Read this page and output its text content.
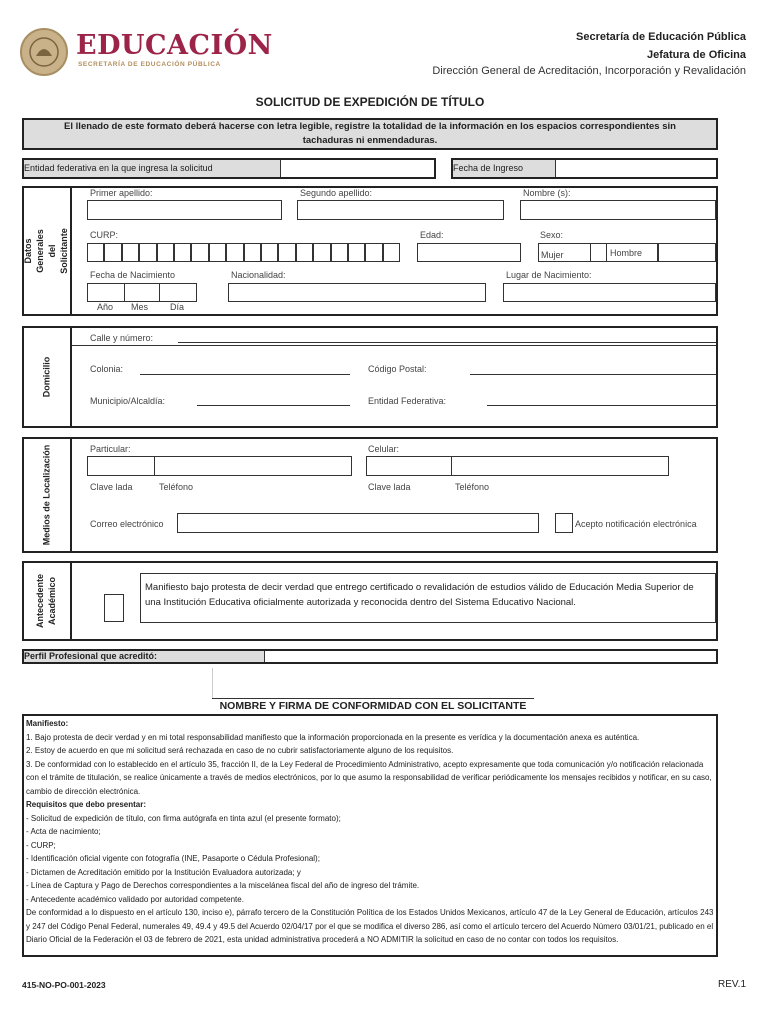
EDUCACIÓN
SECRETARÍA DE EDUCACIÓN PÚBLICA
Secretaría de Educación Pública
Jefatura de Oficina
Dirección General de Acreditación, Incorporación y Revalidación
SOLICITUD DE EXPEDICIÓN DE TÍTULO
El llenado de este formato deberá hacerse con letra legible, registre la totalidad de la información en los espacios correspondientes sin tachaduras ni enmendaduras.
Entidad federativa en la que ingresa la solicitud	Fecha de Ingreso
Datos Generales del Solicitante
Primer apellido:	Segundo apellido:	Nombre (s):
CURP:	Edad:	Sexo:
Mujer	Hombre
Fecha de Nacimiento
Año Mes Día
Nacionalidad:	Lugar de Nacimiento:
Domicilio
Calle y número:
Colonia:	Código Postal:
Municipio/Alcaldía:	Entidad Federativa:
Medios de Localización	Particular:	Celular:
Clave lada	Teléfono	Clave lada	Teléfono
Correo electrónico	Acepto notificación electrónica
Antecedente Académico	Manifiesto bajo protesta de decir verdad que entrego certificado o revalidación de estudios válido de Educación Media Superior de una Institución Educativa oficialmente autorizada y reconocida dentro del Sistema Educativo Nacional.
Perfil Profesional que acreditó:
NOMBRE Y FIRMA DE CONFORMIDAD CON EL SOLICITANTE
Manifiesto:
1. Bajo protesta de decir verdad y en mi total responsabilidad manifiesto que la información proporcionada en la presente es verídica y la documentación anexa es auténtica.
2. Estoy de acuerdo en que mi solicitud será rechazada en caso de no cubrir satisfactoriamente alguno de los requisitos.
3. De conformidad con lo establecido en el artículo 35, fracción II, de la Ley Federal de Procedimiento Administrativo, acepto expresamente que toda comunicación y/o notificación relacionada con el trámite de titulación, se realice únicamente a través de medios electrónicos, por lo que asumo la responsabilidad de verificar periódicamente los mensajes recibidos y notificar, en su caso, cambio de dirección electrónica.
Requisitos que debo presentar:
- Solicitud de expedición de título, con firma autógrafa en tinta azul (el presente formato);
- Acta de nacimiento;
- CURP;
- Identificación oficial vigente con fotografía (INE, Pasaporte o Cédula Profesional);
- Dictamen de Acreditación emitido por la Institución Evaluadora autorizada; y
- Línea de Captura y Pago de Derechos correspondientes a la miscelánea fiscal del año de ingreso del trámite.
- Antecedente académico validado por autoridad competente.
De conformidad a lo dispuesto en el artículo 130, inciso e), párrafo tercero de la Constitución Política de los Estados Unidos Mexicanos, artículo 47 de la Ley General de Educación, artículos 243 y 247 del Código Penal Federal, numerales 49, 49.4 y 49.5 del Acuerdo 02/04/17 por el que se modifica el diverso 286, así como el artículo tercero del Acuerdo Número 03/01/21, publicado en el Diario Oficial de la Federación el 03 de febrero de 2021, esta unidad administrativa procederá a NO ADMITIR la solicitud en caso de no contar con todos los requisitos.
415-NO-PO-001-2023	REV.1
